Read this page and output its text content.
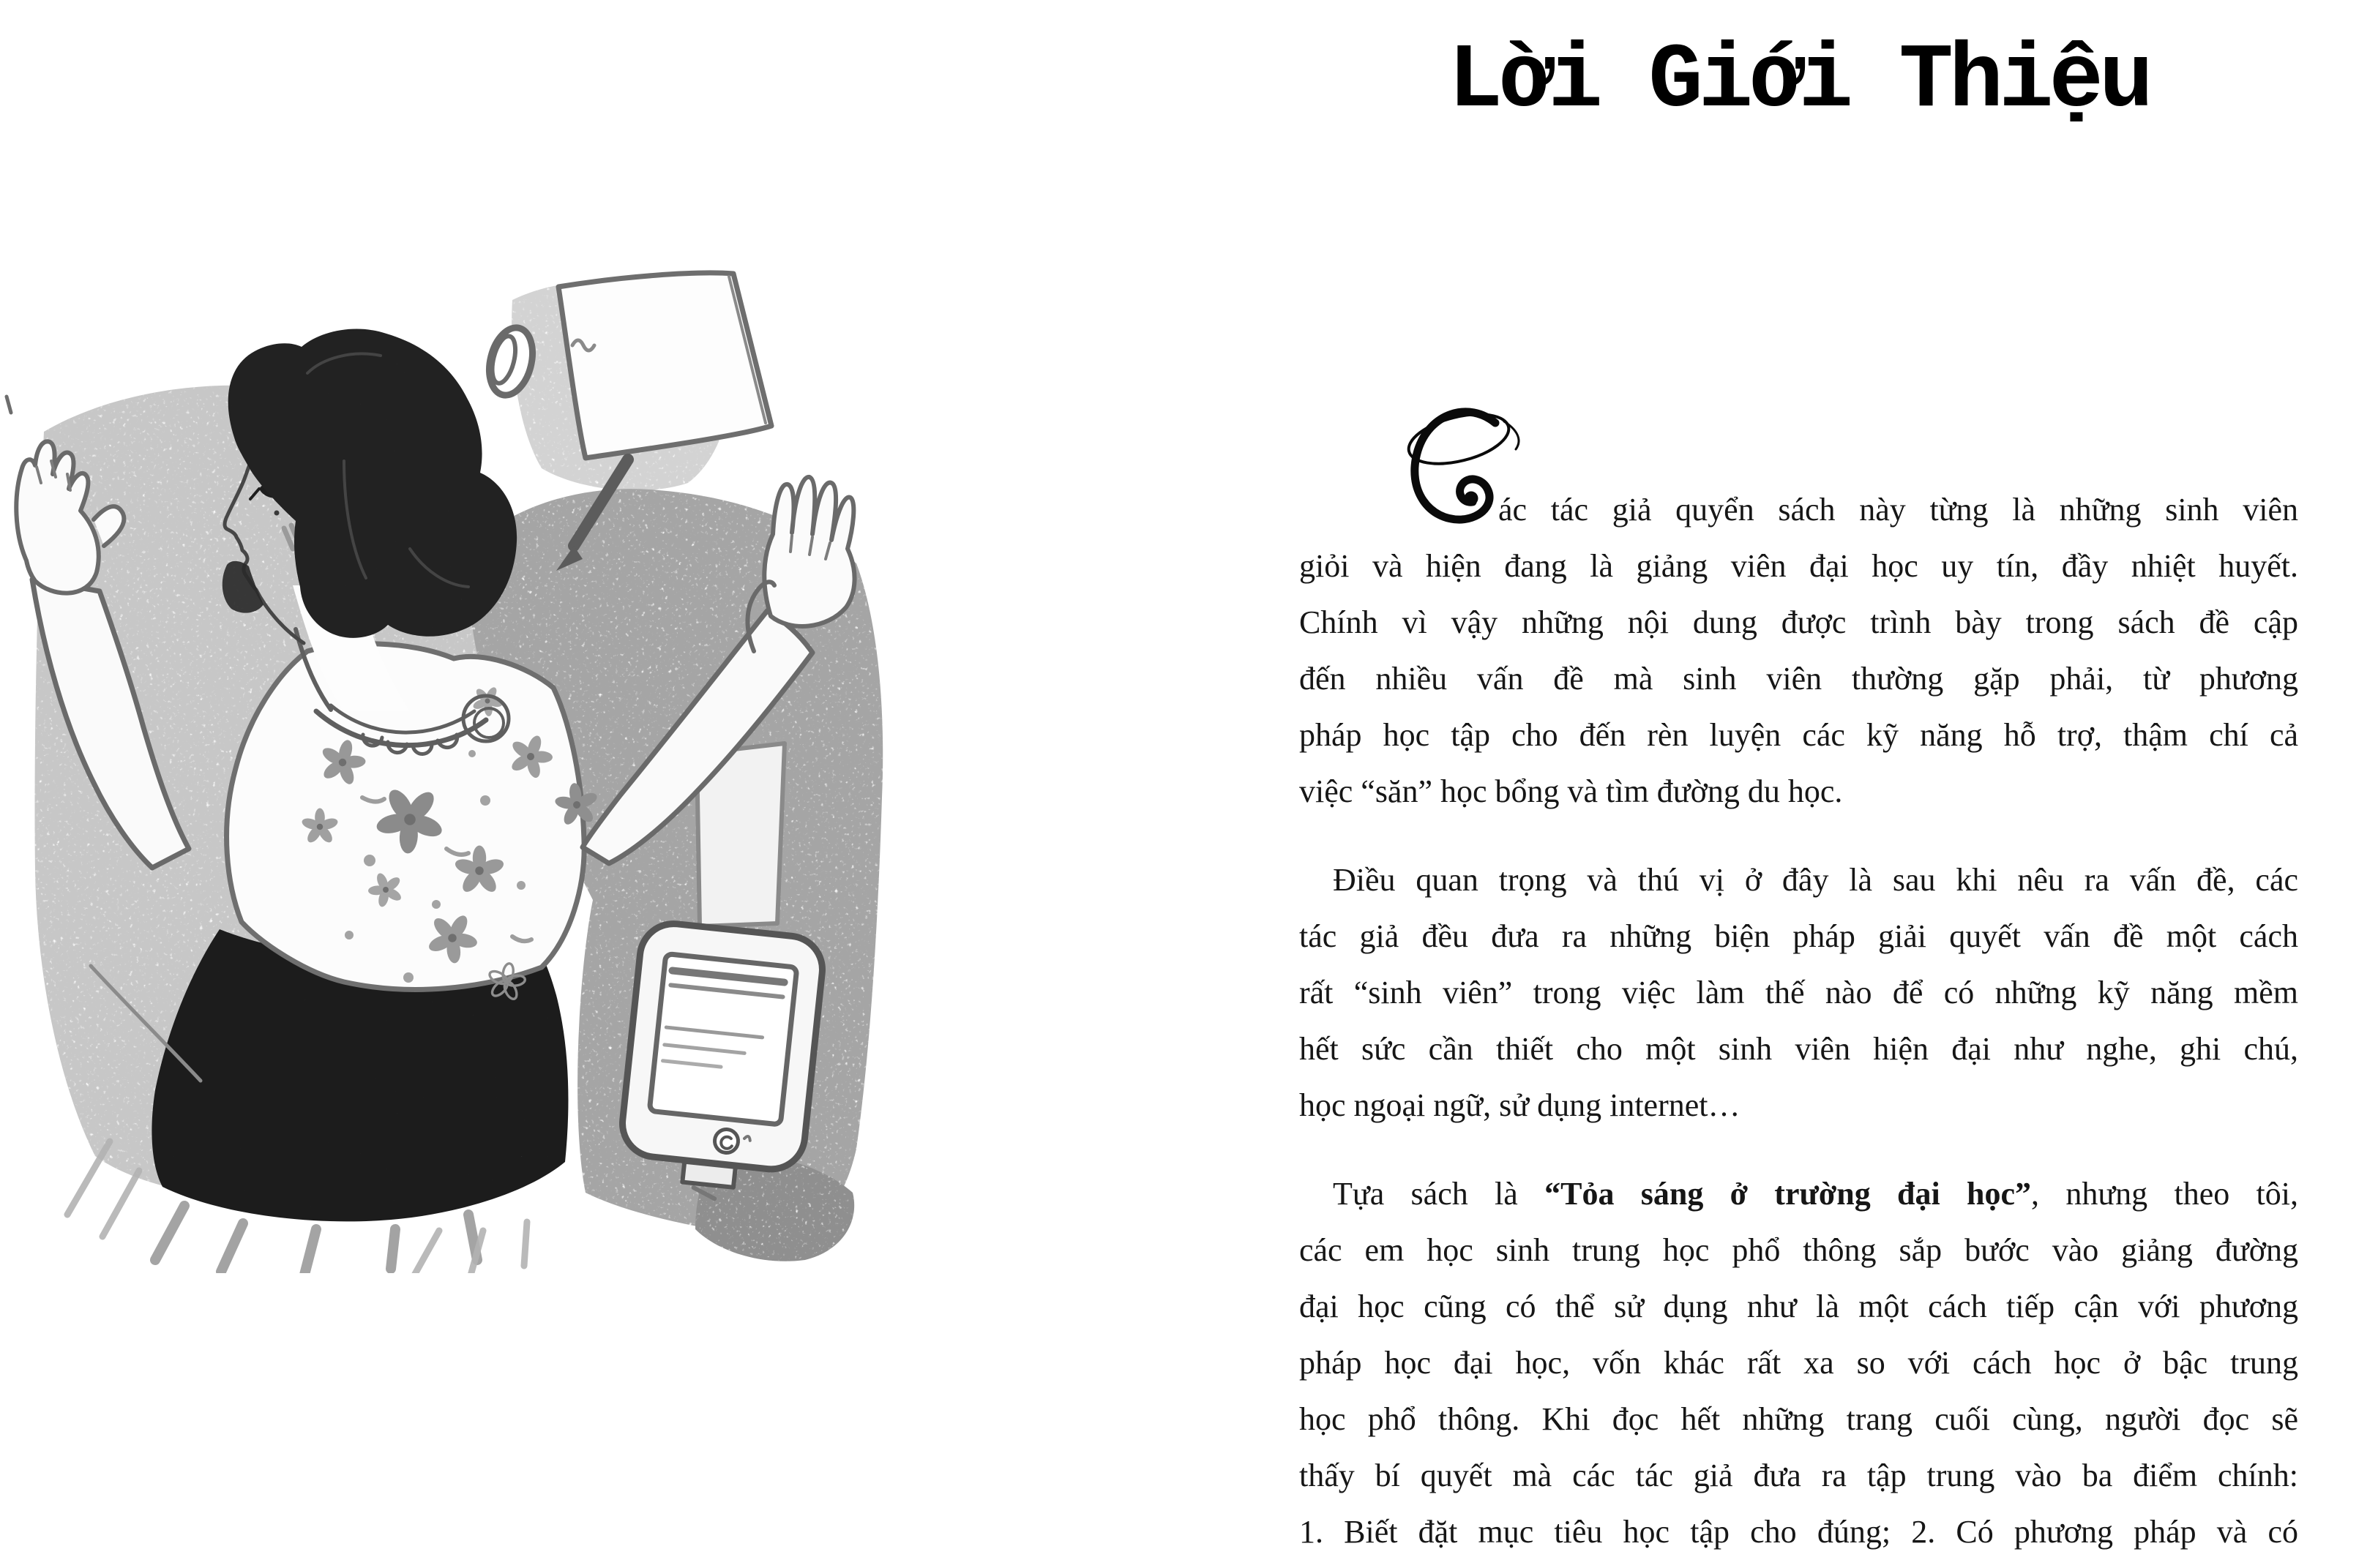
Lời Giới Thiệu
ác tác giả quyển sách này từng là những sinh viên
giỏi và hiện đang là giảng viên đại học uy tín, đầy nhiệt huyết.
Chính vì vậy những nội dung được trình bày trong sách đề cập
đến nhiều vấn đề mà sinh viên thường gặp phải, từ phương
pháp học tập cho đến rèn luyện các kỹ năng hỗ trợ, thậm chí cả
việc “săn” học bổng và tìm đường du học.
Điều quan trọng và thú vị ở đây là sau khi nêu ra vấn đề, các
tác giả đều đưa ra những biện pháp giải quyết vấn đề một cách
rất “sinh viên” trong việc làm thế nào để có những kỹ năng mềm
hết sức cần thiết cho một sinh viên hiện đại như nghe, ghi chú,
học ngoại ngữ, sử dụng internet…
Tựa sách là “Tỏa sáng ở trường đại học”, nhưng theo tôi,
các em học sinh trung học phổ thông sắp bước vào giảng đường
đại học cũng có thể sử dụng như là một cách tiếp cận với phương
pháp học đại học, vốn khác rất xa so với cách học ở bậc trung
học phổ thông. Khi đọc hết những trang cuối cùng, người đọc sẽ
thấy bí quyết mà các tác giả đưa ra tập trung vào ba điểm chính:
1. Biết đặt mục tiêu học tập cho đúng; 2. Có phương pháp và có
